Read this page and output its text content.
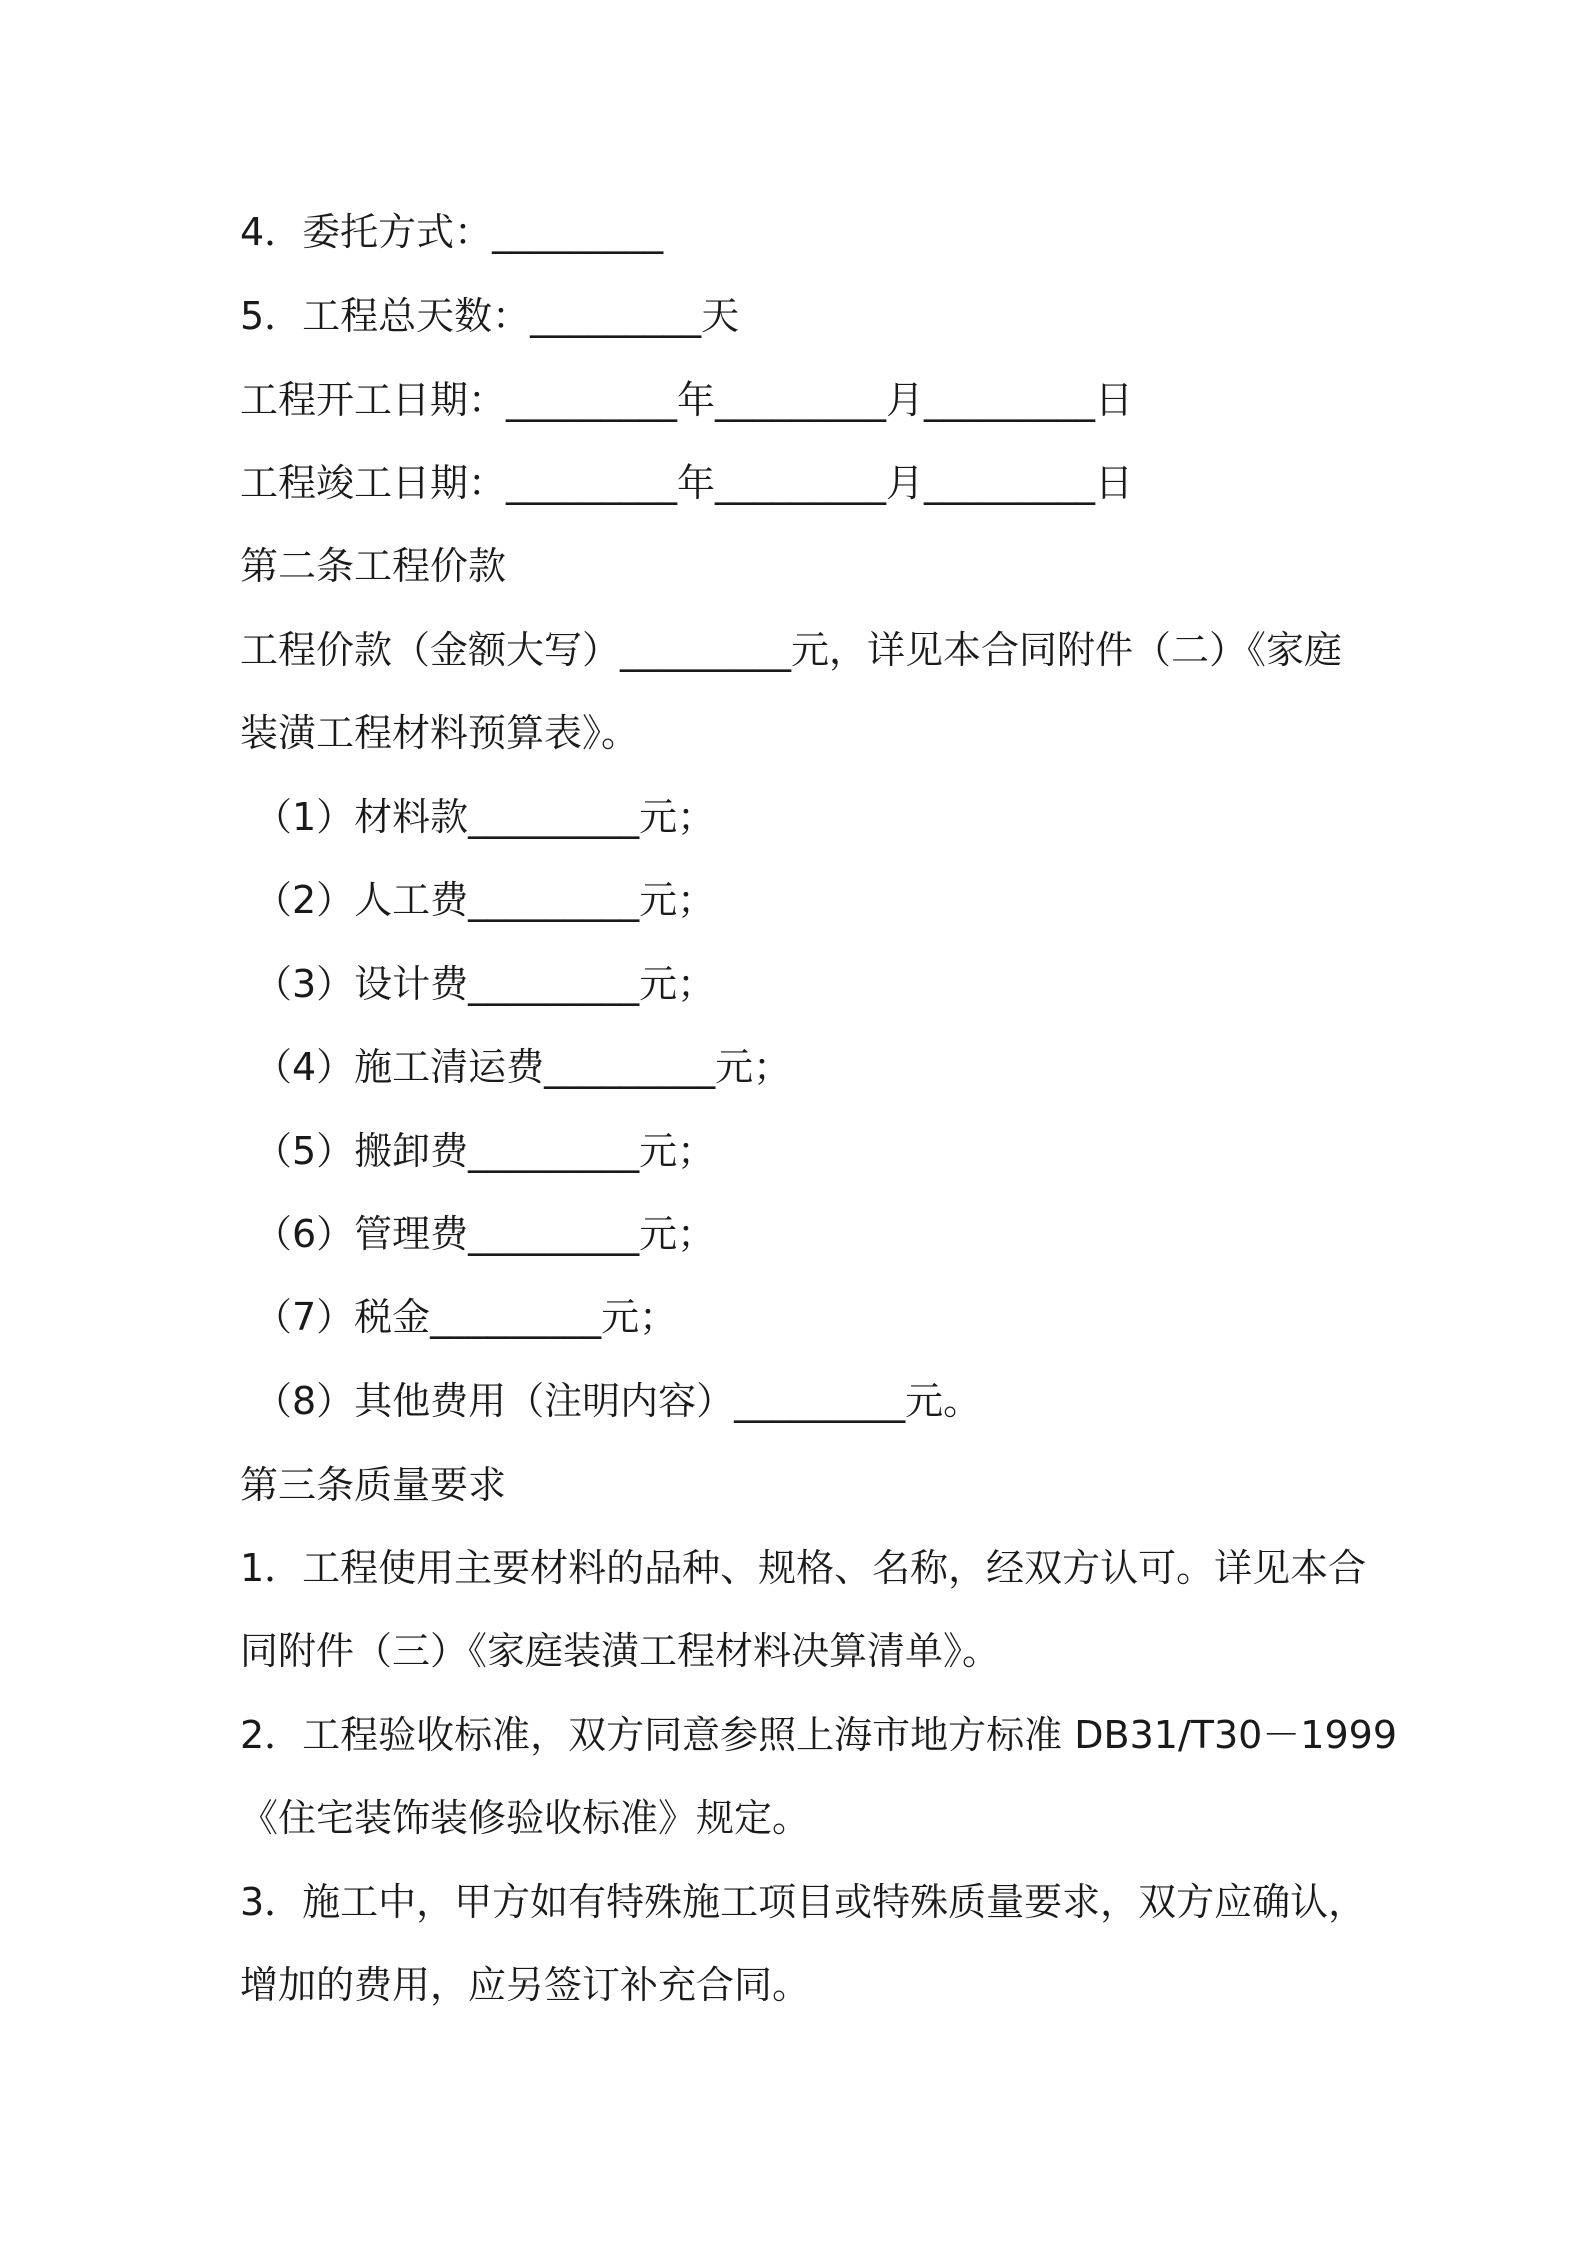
4．委托方式：_________
5．工程总天数：_________天
工程开工日期：_________年_________月_________日
工程竣工日期：_________年_________月_________日
第二条工程价款
工程价款（金额大写）_________元，详见本合同附件（二）《家庭
装潢工程材料预算表》。
（1）材料款_________元；
（2）人工费_________元；
（3）设计费_________元；
（4）施工清运费_________元；
（5）搬卸费_________元；
（6）管理费_________元；
（7）税金_________元；
（8）其他费用（注明内容）_________元。
第三条质量要求
1．工程使用主要材料的品种、规格、名称，经双方认可。详见本合
同附件（三）《家庭装潢工程材料决算清单》。
2．工程验收标准，双方同意参照上海市地方标准 DB31/T30－1999
《住宅装饰装修验收标准》规定。
3．施工中，甲方如有特殊施工项目或特殊质量要求，双方应确认，
增加的费用，应另签订补充合同。
